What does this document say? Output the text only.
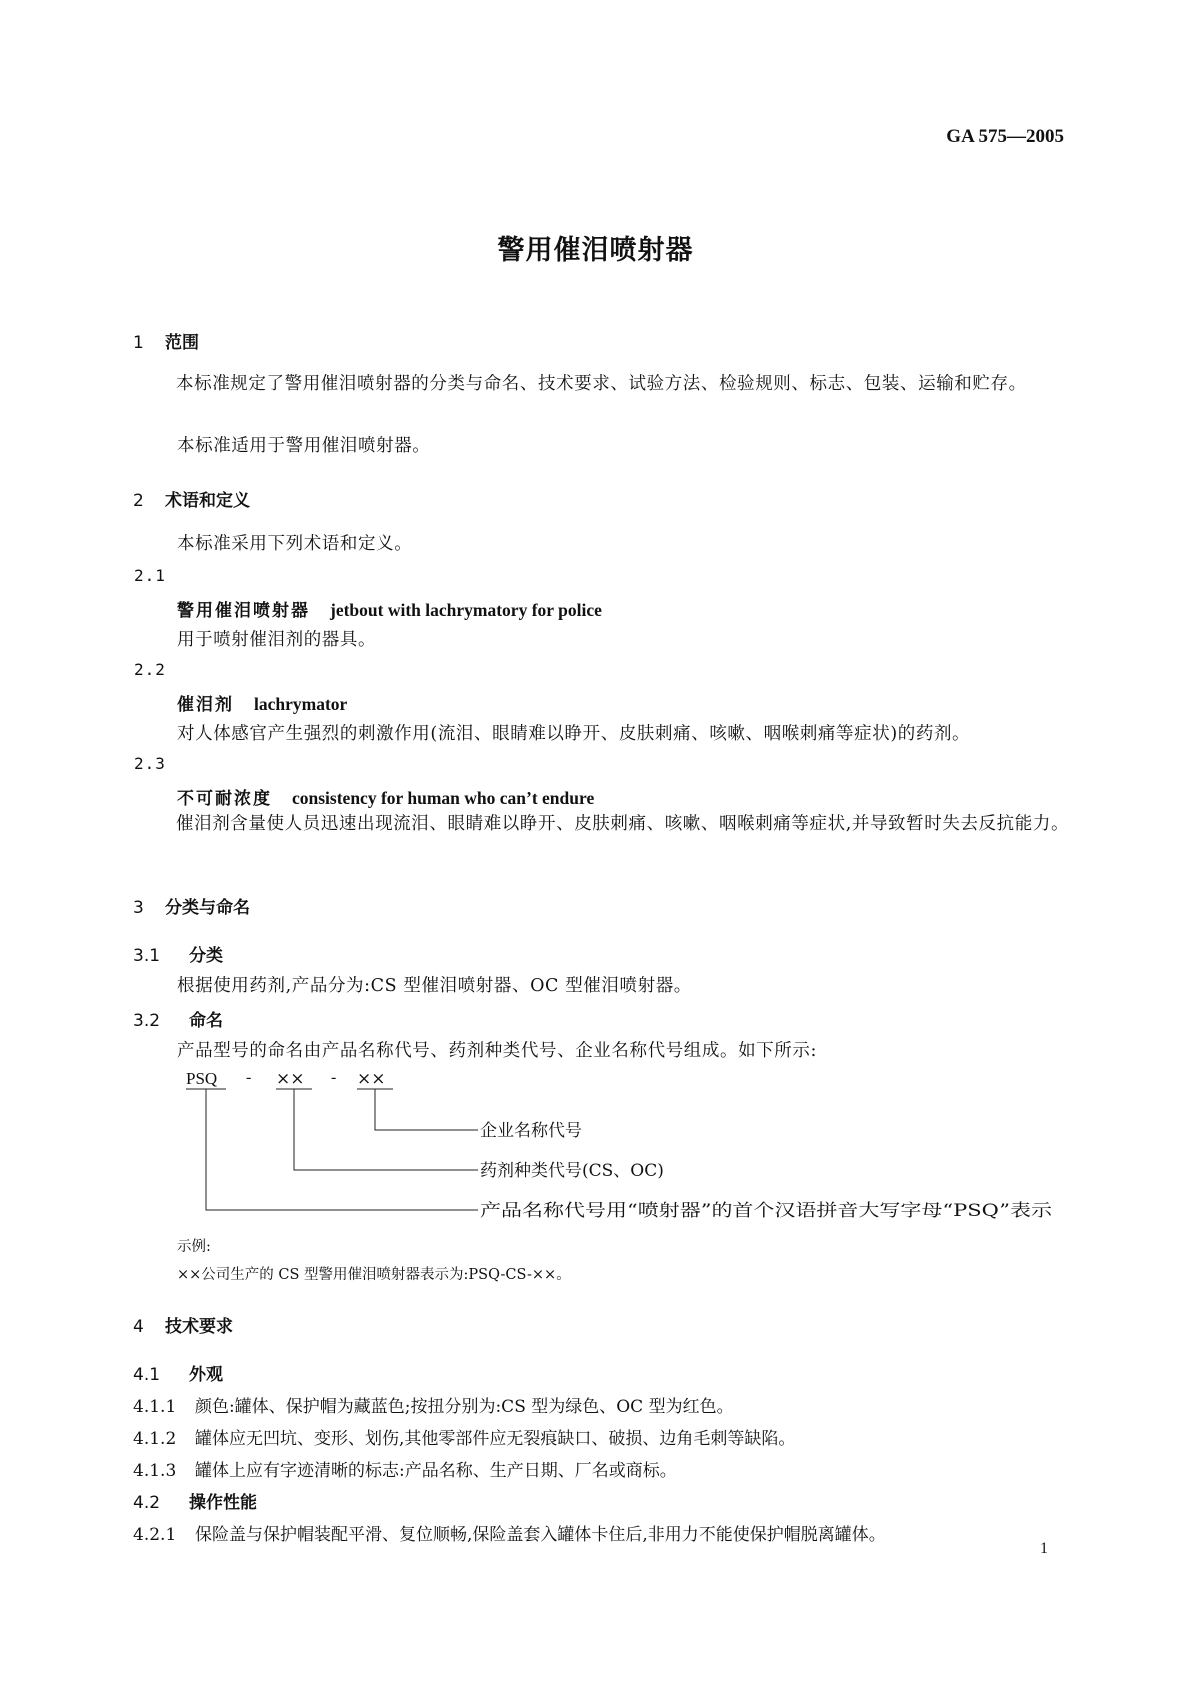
GA 575—2005
警用催泪喷射器
1 范围
本标准规定了警用催泪喷射器的分类与命名、技术要求、试验方法、检验规则、标志、包装、运输和贮存。
本标准适用于警用催泪喷射器。
2 术语和定义
本标准采用下列术语和定义。
2.1
警用催泪喷射器 jetbout with lachrymatory for police
用于喷射催泪剂的器具。
2.2
催泪剂 lachrymator
对人体感官产生强烈的刺激作用(流泪、眼睛难以睁开、皮肤刺痛、咳嗽、咽喉刺痛等症状)的药剂。
2.3
不可耐浓度 consistency for human who can’t endure
催泪剂含量使人员迅速出现流泪、眼睛难以睁开、皮肤刺痛、咳嗽、咽喉刺痛等症状,并导致暂时失去反抗能力。
3 分类与命名
3.1 分类
根据使用药剂,产品分为:CS 型催泪喷射器、OC 型催泪喷射器。
3.2 命名
产品型号的命名由产品名称代号、药剂种类代号、企业名称代号组成。如下所示:
PSQ - ×× - ××
企业名称代号
药剂种类代号(CS、OC)
产品名称代号用“喷射器”的首个汉语拼音大写字母“PSQ”表示
示例:
××公司生产的 CS 型警用催泪喷射器表示为:PSQ-CS-××。
4 技术要求
4.1 外观
4.1.1 颜色:罐体、保护帽为藏蓝色;按扭分别为:CS 型为绿色、OC 型为红色。
4.1.2 罐体应无凹坑、变形、划伤,其他零部件应无裂痕缺口、破损、边角毛刺等缺陷。
4.1.3 罐体上应有字迹清晰的标志:产品名称、生产日期、厂名或商标。
4.2 操作性能
4.2.1 保险盖与保护帽装配平滑、复位顺畅,保险盖套入罐体卡住后,非用力不能使保护帽脱离罐体。
1
